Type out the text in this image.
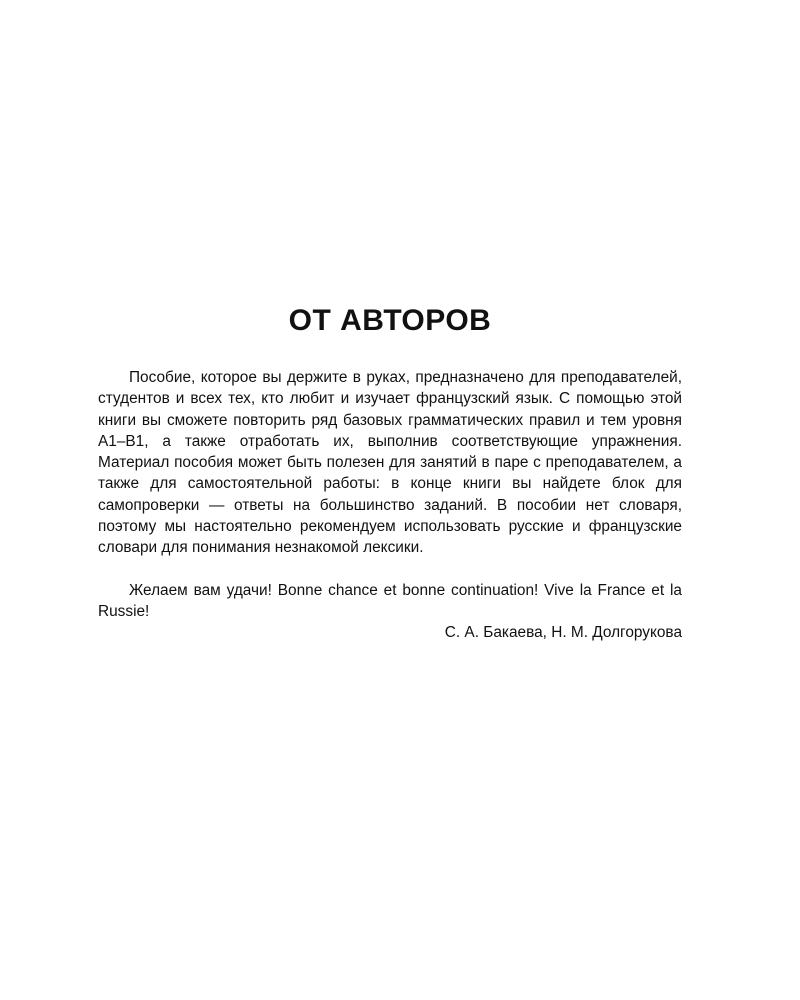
ОТ АВТОРОВ

Пособие, которое вы держите в руках, предназначено для преподавателей, студентов и всех тех, кто любит и изучает французский язык. С помощью этой книги вы сможете повторить ряд базовых грамматических правил и тем уровня A1–B1, а также отработать их, выполнив соответствующие упражнения. Материал пособия может быть полезен для занятий в паре с преподавателем, а также для самостоятельной работы: в конце книги вы найдете блок для самопроверки — ответы на большинство заданий. В пособии нет словаря, поэтому мы настоятельно рекомендуем использовать русские и французские словари для понимания незнакомой лексики.

Желаем вам удачи! Bonne chance et bonne continuation! Vive la France et la Russie!

С. А. Бакаева, Н. М. Долгорукова
